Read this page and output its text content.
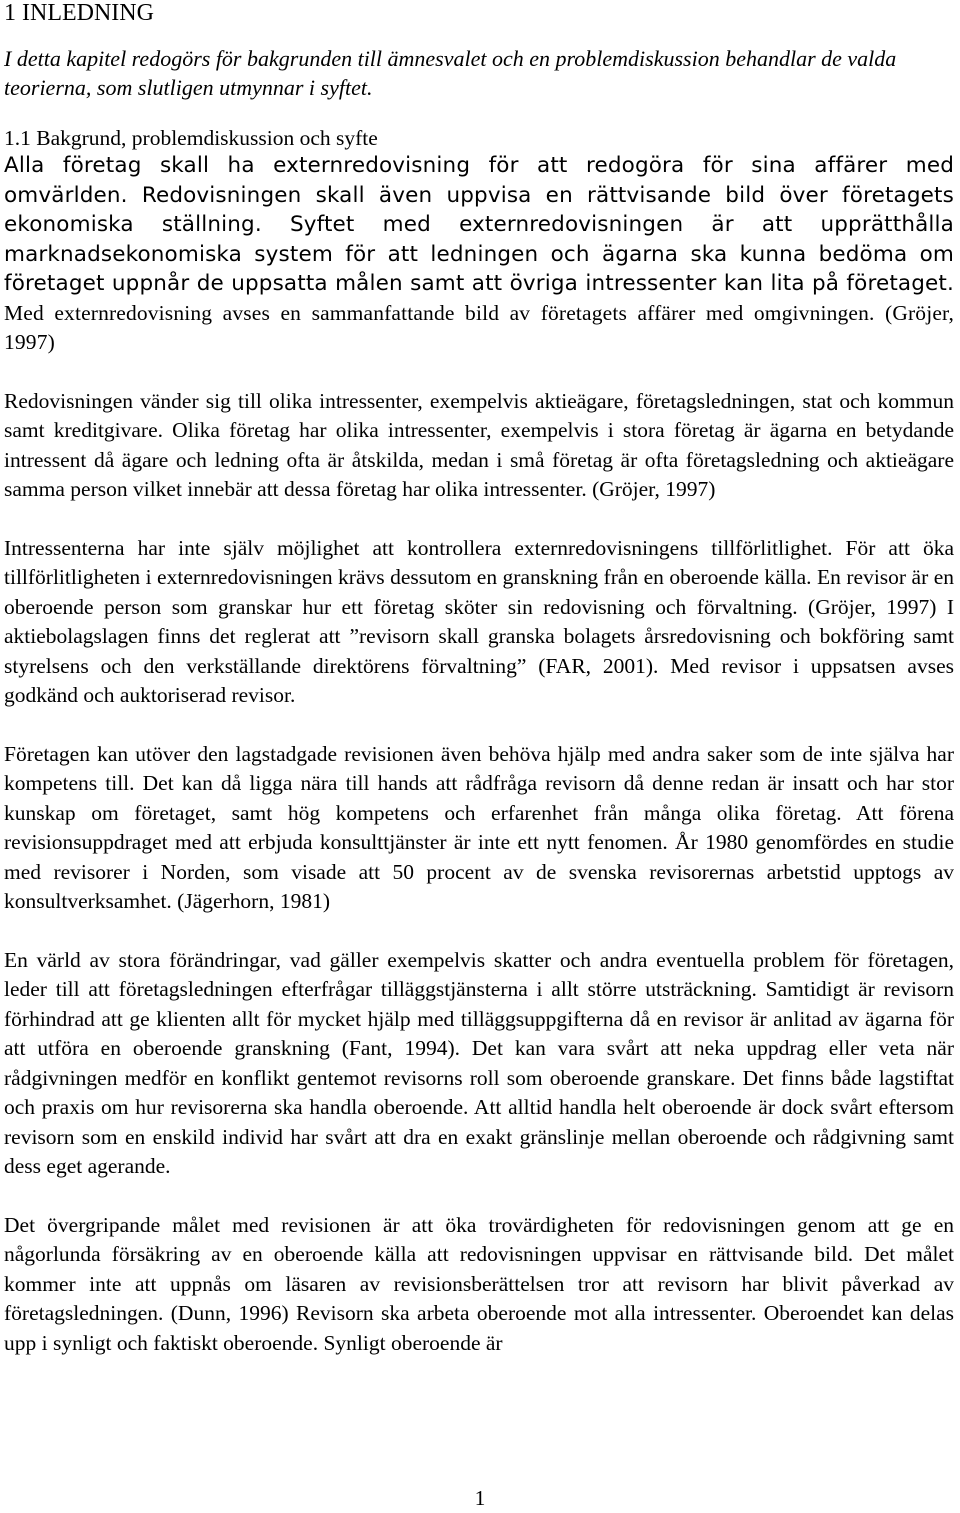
1 INLEDNING

I detta kapitel redogörs för bakgrunden till ämnesvalet och en problemdiskussion behandlar de valda teorierna, som slutligen utmynnar i syftet.

1.1 Bakgrund, problemdiskussion och syfte

Alla företag skall ha externredovisning för att redogöra för sina affärer med omvärlden. Redovisningen skall även uppvisa en rättvisande bild över företagets ekonomiska ställning. Syftet med externredovisningen är att upprätthålla marknadsekonomiska system för att ledningen och ägarna ska kunna bedöma om företaget uppnår de uppsatta målen samt att övriga intressenter kan lita på företaget. Med externredovisning avses en sammanfattande bild av företagets affärer med omgivningen. (Gröjer, 1997)

Redovisningen vänder sig till olika intressenter, exempelvis aktieägare, företagsledningen, stat och kommun samt kreditgivare. Olika företag har olika intressenter, exempelvis i stora företag är ägarna en betydande intressent då ägare och ledning ofta är åtskilda, medan i små företag är ofta företagsledning och aktieägare samma person vilket innebär att dessa företag har olika intressenter. (Gröjer, 1997)

Intressenterna har inte själv möjlighet att kontrollera externredovisningens tillförlitlighet. För att öka tillförlitligheten i externredovisningen krävs dessutom en granskning från en oberoende källa. En revisor är en oberoende person som granskar hur ett företag sköter sin redovisning och förvaltning. (Gröjer, 1997) I aktiebolagslagen finns det reglerat att ”revisorn skall granska bolagets årsredovisning och bokföring samt styrelsens och den verkställande direktörens förvaltning” (FAR, 2001). Med revisor i uppsatsen avses godkänd och auktoriserad revisor.

Företagen kan utöver den lagstadgade revisionen även behöva hjälp med andra saker som de inte själva har kompetens till. Det kan då ligga nära till hands att rådfråga revisorn då denne redan är insatt och har stor kunskap om företaget, samt hög kompetens och erfarenhet från många olika företag. Att förena revisionsuppdraget med att erbjuda konsulttjänster är inte ett nytt fenomen. År 1980 genomfördes en studie med revisorer i Norden, som visade att 50 procent av de svenska revisorernas arbetstid upptogs av konsultverksamhet. (Jägerhorn, 1981)

En värld av stora förändringar, vad gäller exempelvis skatter och andra eventuella problem för företagen, leder till att företagsledningen efterfrågar tilläggstjänsterna i allt större utsträckning. Samtidigt är revisorn förhindrad att ge klienten allt för mycket hjälp med tilläggsuppgifterna då en revisor är anlitad av ägarna för att utföra en oberoende granskning (Fant, 1994). Det kan vara svårt att neka uppdrag eller veta när rådgivningen medför en konflikt gentemot revisorns roll som oberoende granskare. Det finns både lagstiftat och praxis om hur revisorerna ska handla oberoende. Att alltid handla helt oberoende är dock svårt eftersom revisorn som en enskild individ har svårt att dra en exakt gränslinje mellan oberoende och rådgivning samt dess eget agerande.

Det övergripande målet med revisionen är att öka trovärdigheten för redovisningen genom att ge en någorlunda försäkring av en oberoende källa att redovisningen uppvisar en rättvisande bild. Det målet kommer inte att uppnås om läsaren av revisionsberättelsen tror att revisorn har blivit påverkad av företagsledningen. (Dunn, 1996) Revisorn ska arbeta oberoende mot alla intressenter. Oberoendet kan delas upp i synligt och faktiskt oberoende. Synligt oberoende är

1
